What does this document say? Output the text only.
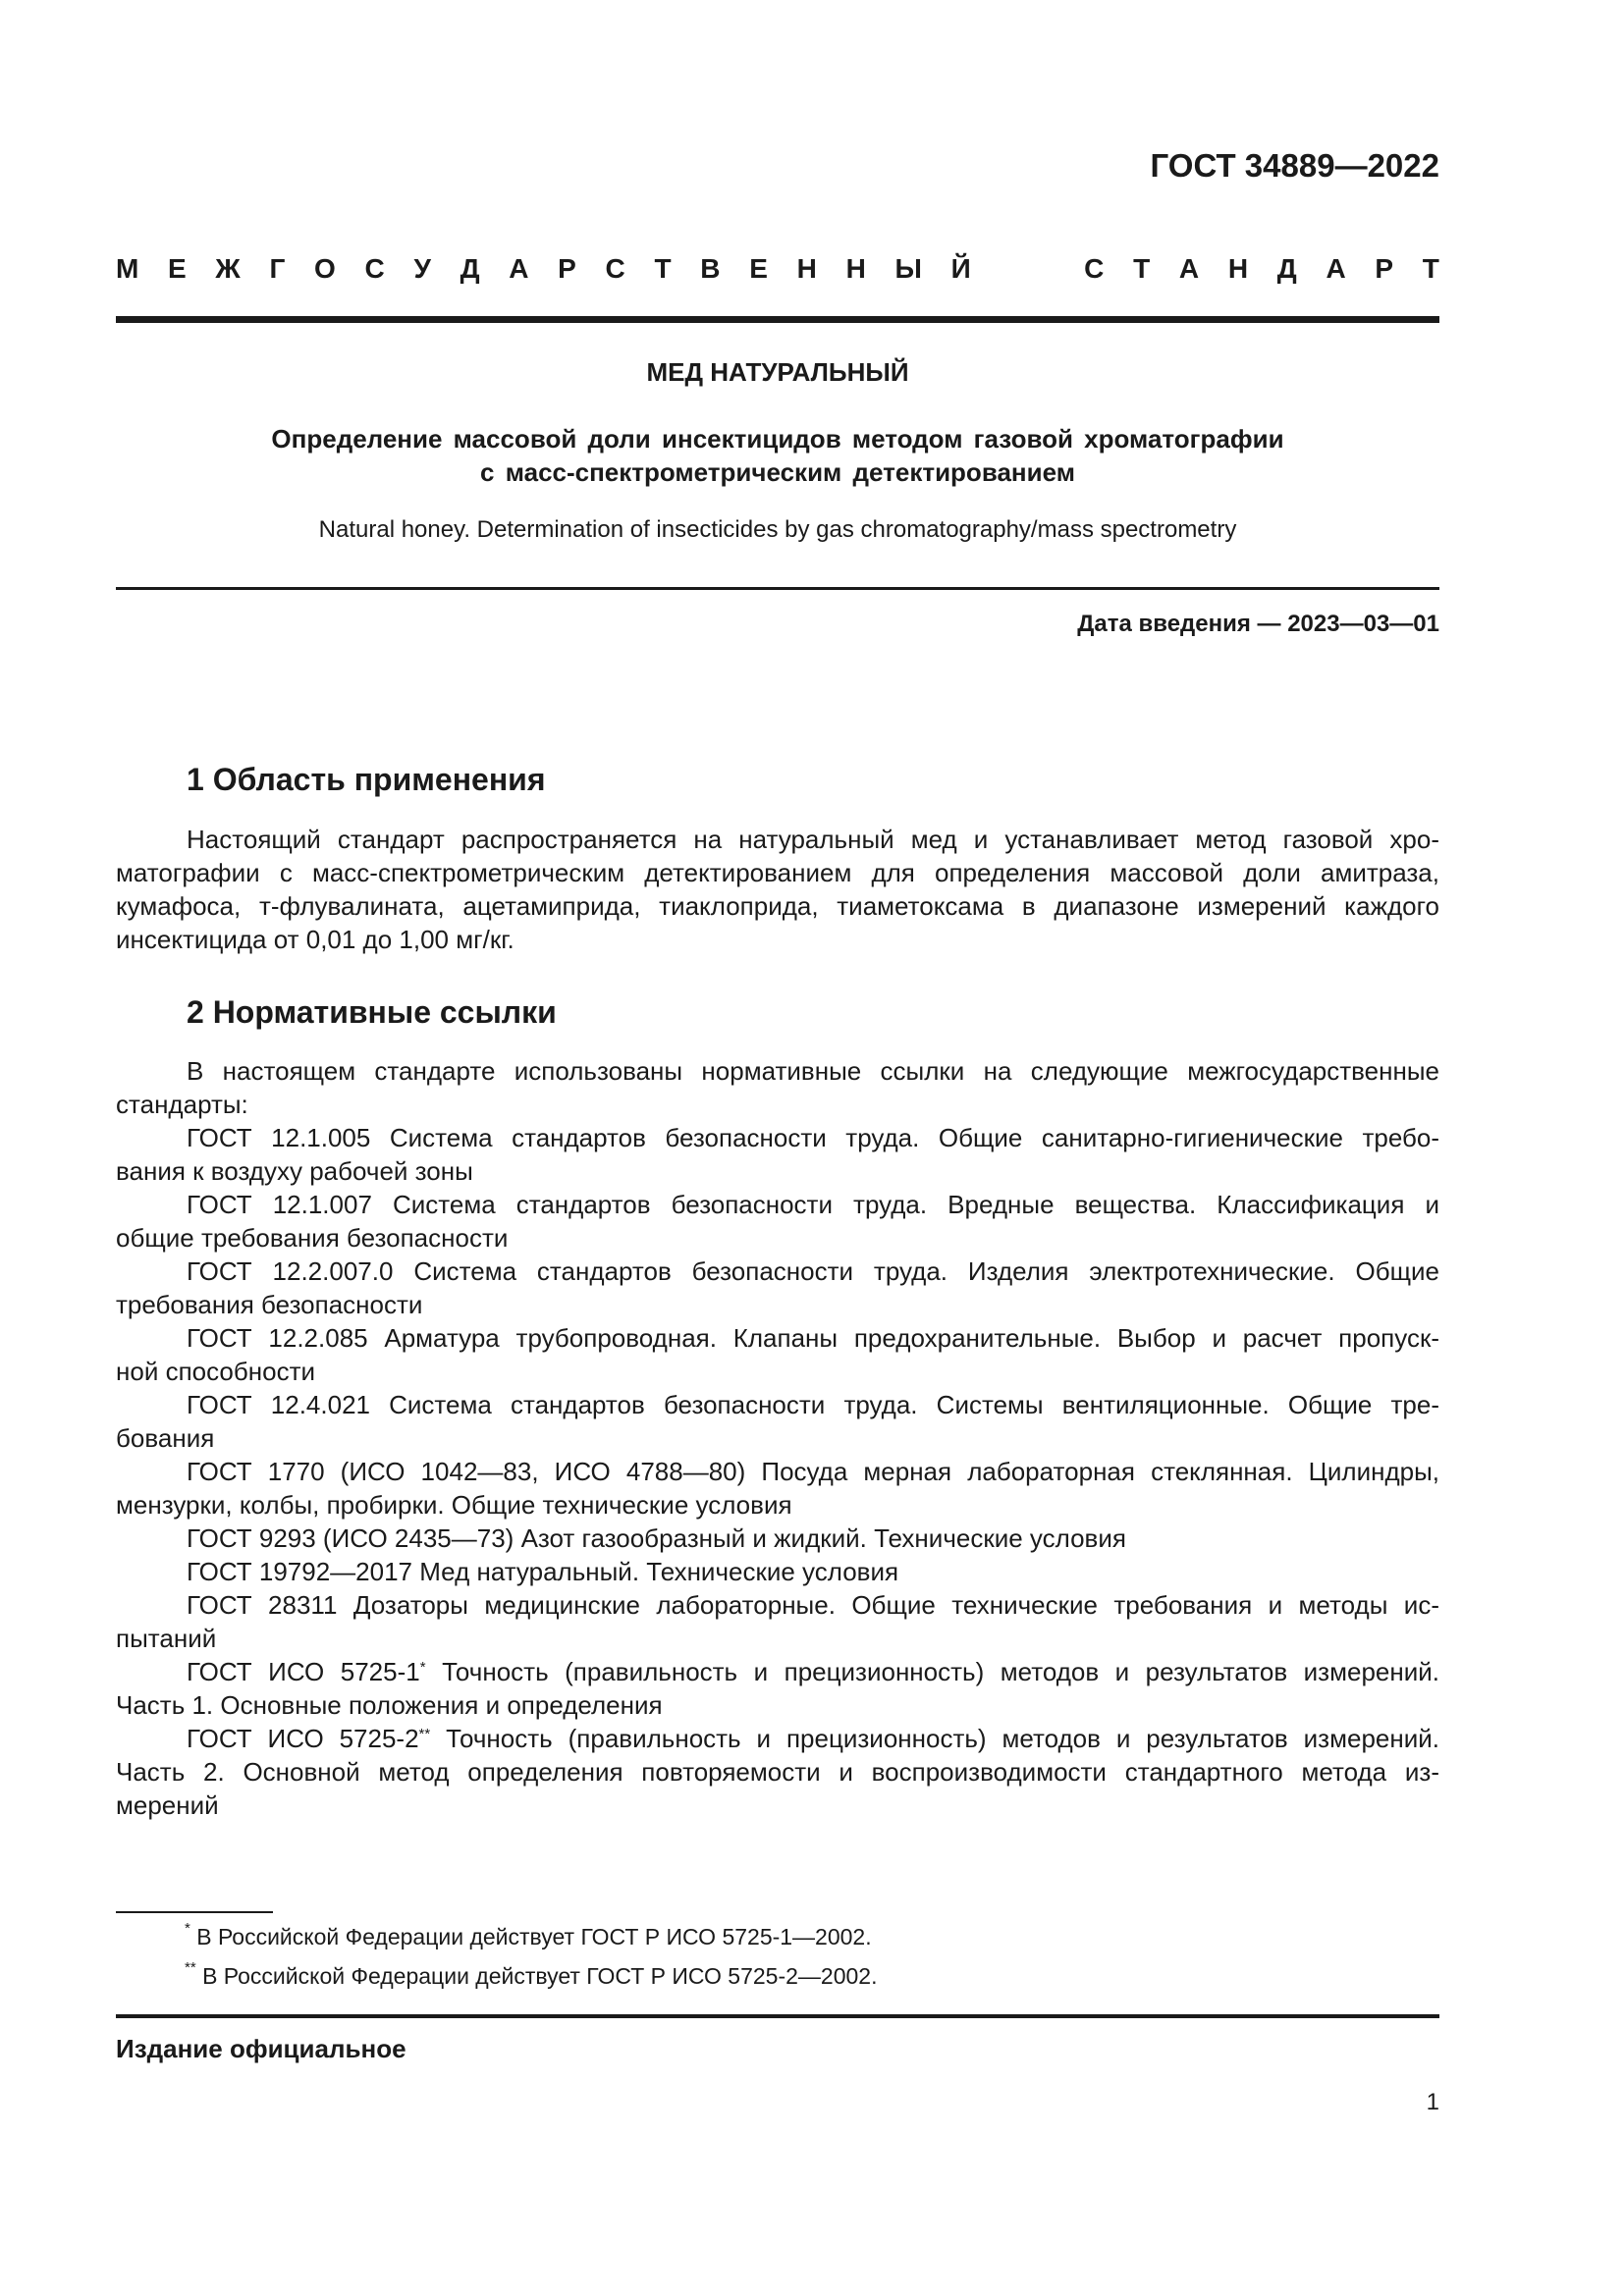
ГОСТ 34889—2022
М Е Ж Г О С У Д А Р С Т В Е Н Н Ы Й	С Т А Н Д А Р Т
МЕД НАТУРАЛЬНЫЙ
Определение массовой доли инсектицидов методом газовой хроматографии
с масс-спектрометрическим детектированием
Natural honey. Determination of insecticides by gas chromatography/mass spectrometry
Дата введения — 2023—03—01
1 Область применения
Настоящий стандарт распространяется на натуральный мед и устанавливает метод газовой хро-
матографии с масс-спектрометрическим детектированием для определения массовой доли амитраза,
кумафоса, т-флувалината, ацетамиприда, тиаклоприда, тиаметоксама в диапазоне измерений каждого
инсектицида от 0,01 до 1,00 мг/кг.
2 Нормативные ссылки
В настоящем стандарте использованы нормативные ссылки на следующие межгосударственные
стандарты:
ГОСТ 12.1.005 Система стандартов безопасности труда. Общие санитарно-гигиенические требо-
вания к воздуху рабочей зоны
ГОСТ 12.1.007 Система стандартов безопасности труда. Вредные вещества. Классификация и
общие требования безопасности
ГОСТ 12.2.007.0 Система стандартов безопасности труда. Изделия электротехнические. Общие
требования безопасности
ГОСТ 12.2.085 Арматура трубопроводная. Клапаны предохранительные. Выбор и расчет пропуск-
ной способности
ГОСТ 12.4.021 Система стандартов безопасности труда. Системы вентиляционные. Общие тре-
бования
ГОСТ 1770 (ИСО 1042—83, ИСО 4788—80) Посуда мерная лабораторная стеклянная. Цилиндры,
мензурки, колбы, пробирки. Общие технические условия
ГОСТ 9293 (ИСО 2435—73) Азот газообразный и жидкий. Технические условия
ГОСТ 19792—2017 Мед натуральный. Технические условия
ГОСТ 28311 Дозаторы медицинские лабораторные. Общие технические требования и методы ис-
пытаний
ГОСТ ИСО 5725-1* Точность (правильность и прецизионность) методов и результатов измерений.
Часть 1. Основные положения и определения
ГОСТ ИСО 5725-2** Точность (правильность и прецизионность) методов и результатов измерений.
Часть 2. Основной метод определения повторяемости и воспроизводимости стандартного метода из-
мерений
* В Российской Федерации действует ГОСТ Р ИСО 5725-1—2002.
** В Российской Федерации действует ГОСТ Р ИСО 5725-2—2002.
Издание официальное
1
